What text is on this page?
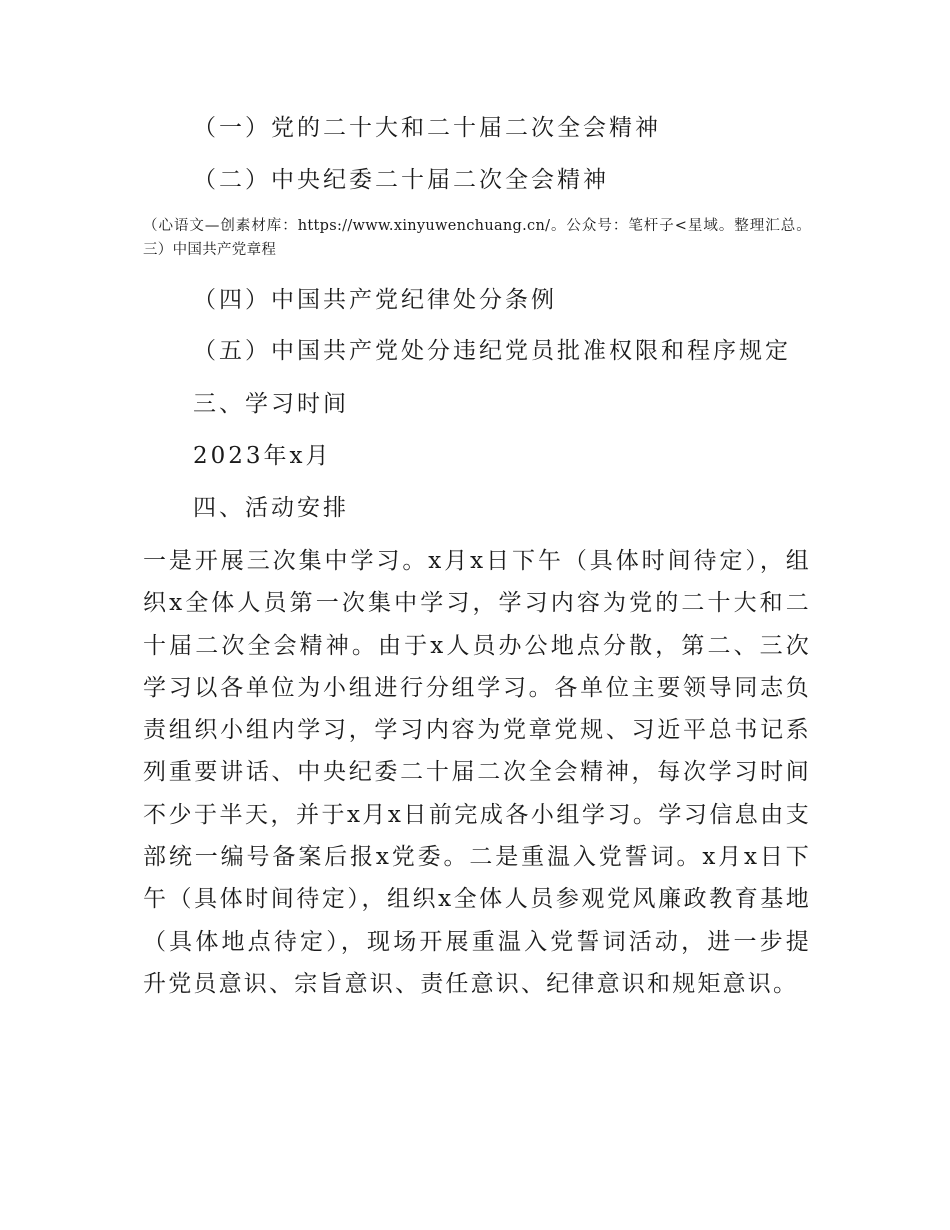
（一）党的二十大和二十届二次全会精神
（二）中央纪委二十届二次全会精神
（心语文—创素材库：https://www.xinyuwenchuang.cn/。公众号：笔杆子<星域。整理汇总。三）中国共产党章程
（四）中国共产党纪律处分条例
（五）中国共产党处分违纪党员批准权限和程序规定
三、学习时间
2023年x月
四、活动安排
一是开展三次集中学习。x月x日下午（具体时间待定），组织x全体人员第一次集中学习，学习内容为党的二十大和二十届二次全会精神。由于x人员办公地点分散，第二、三次学习以各单位为小组进行分组学习。各单位主要领导同志负责组织小组内学习，学习内容为党章党规、习近平总书记系列重要讲话、中央纪委二十届二次全会精神，每次学习时间不少于半天，并于x月x日前完成各小组学习。学习信息由支部统一编号备案后报x党委。二是重温入党誓词。x月x日下午（具体时间待定），组织x全体人员参观党风廉政教育基地（具体地点待定），现场开展重温入党誓词活动，进一步提升党员意识、宗旨意识、责任意识、纪律意识和规矩意识。
